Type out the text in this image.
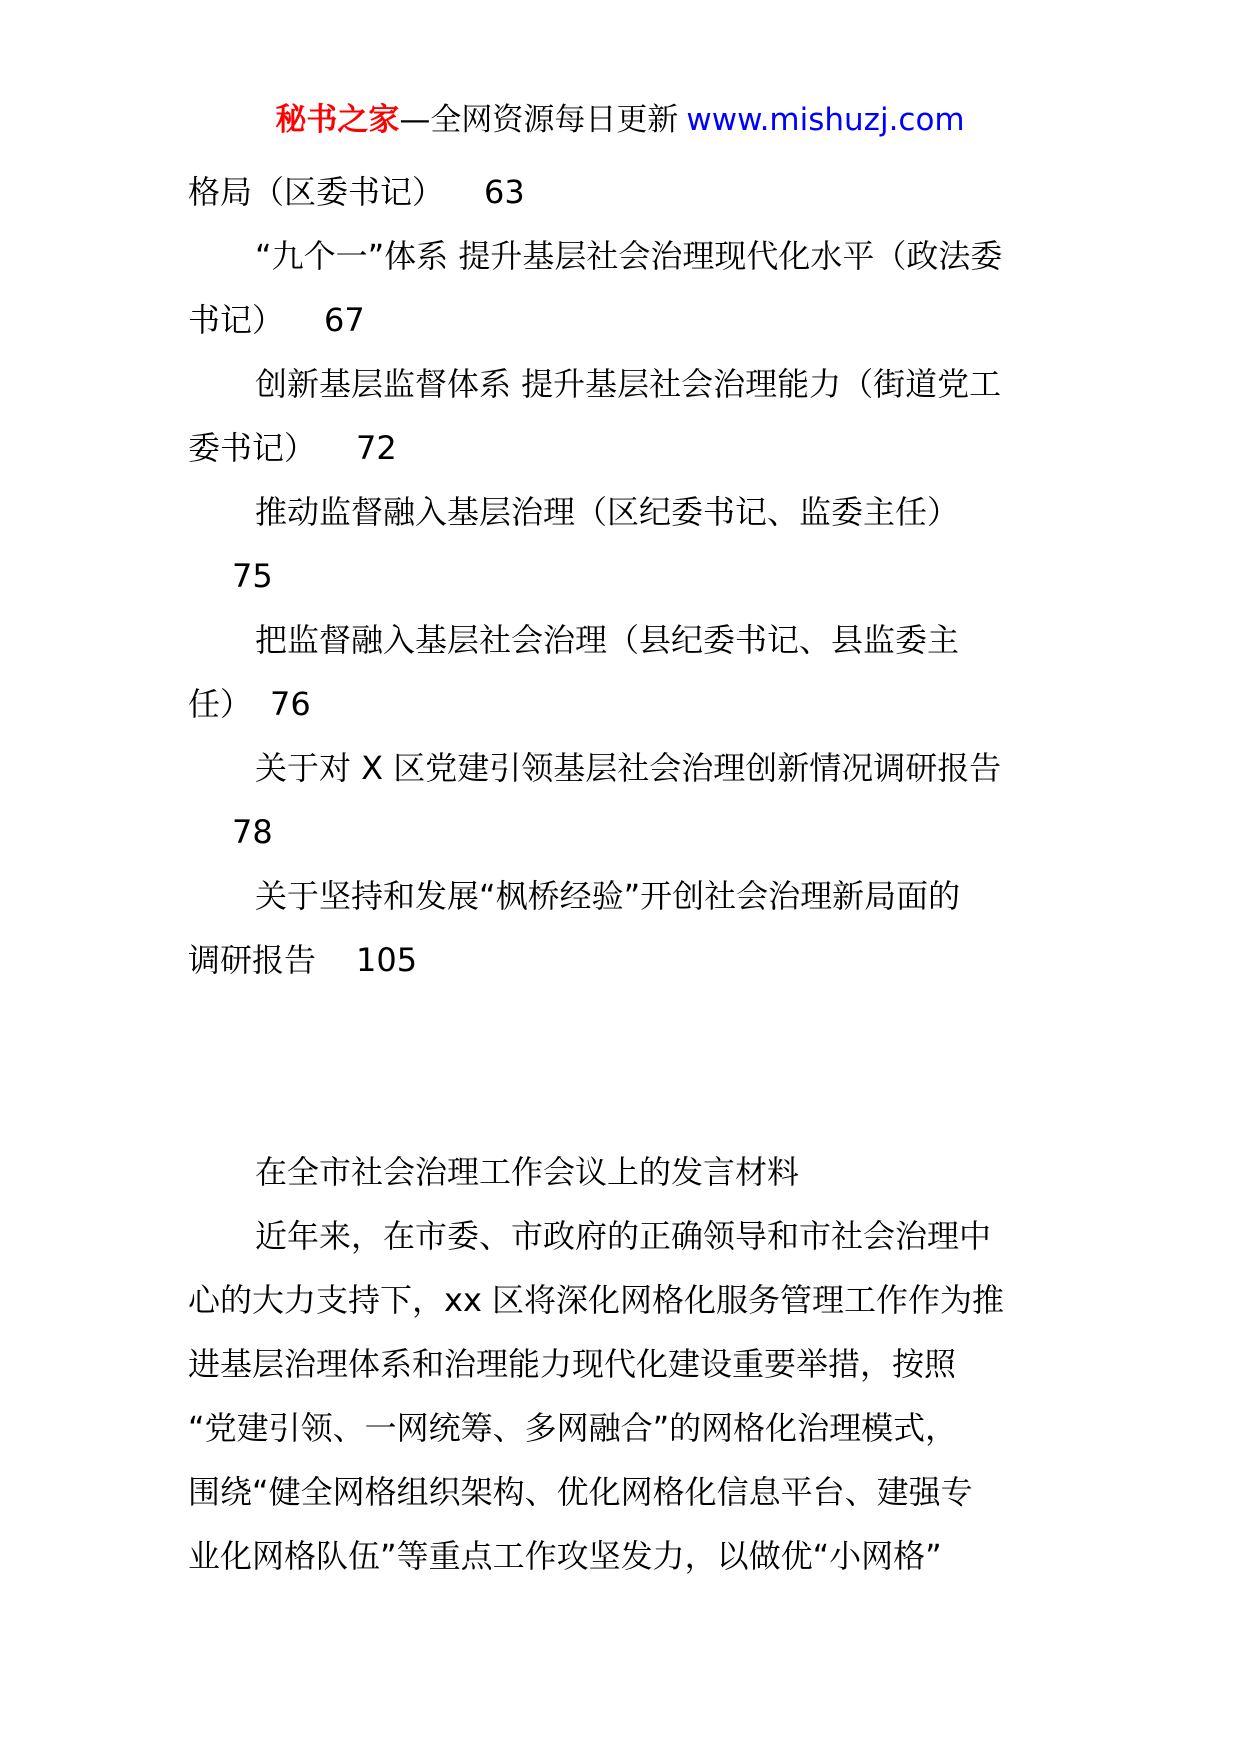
秘书之家—全网资源每日更新 www.mishuzj.com
格局（区委书记） 63
“九个一”体系 提升基层社会治理现代化水平（政法委
书记） 67
创新基层监督体系 提升基层社会治理能力（街道党工
委书记） 72
推动监督融入基层治理（区纪委书记、监委主任）
75
把监督融入基层社会治理（县纪委书记、县监委主
任） 76
关于对 X 区党建引领基层社会治理创新情况调研报告
78
关于坚持和发展“枫桥经验”开创社会治理新局面的
调研报告 105
在全市社会治理工作会议上的发言材料
近年来，在市委、市政府的正确领导和市社会治理中
心的大力支持下，xx 区将深化网格化服务管理工作作为推
进基层治理体系和治理能力现代化建设重要举措，按照
“党建引领、一网统筹、多网融合”的网格化治理模式，
围绕“健全网格组织架构、优化网格化信息平台、建强专
业化网格队伍”等重点工作攻坚发力，以做优“小网格”
